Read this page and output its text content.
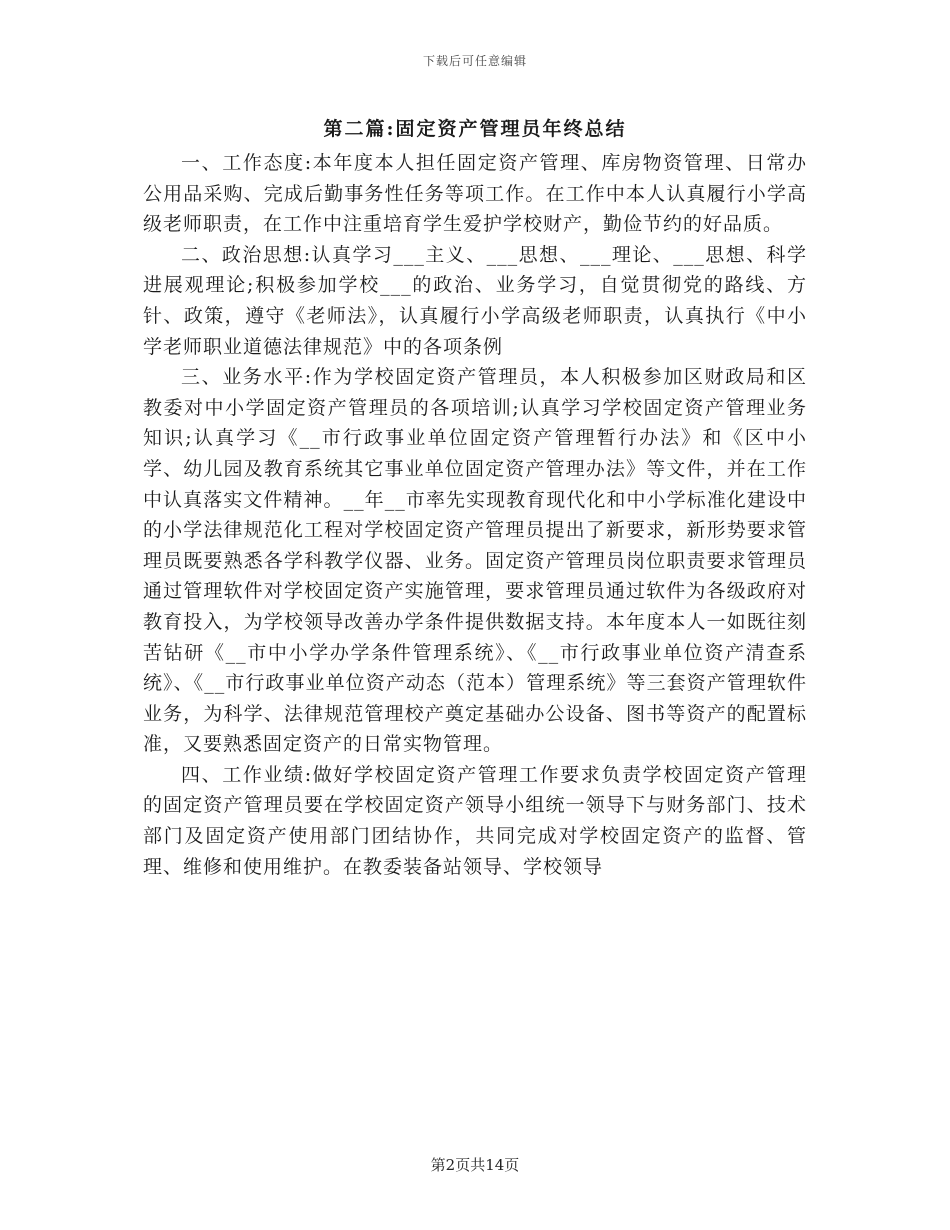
下载后可任意编辑
第二篇:固定资产管理员年终总结

一、工作态度:本年度本人担任固定资产管理、库房物资管理、日常办公用品采购、完成后勤事务性任务等项工作。在工作中本人认真履行小学高级老师职责，在工作中注重培育学生爱护学校财产，勤俭节约的好品质。

二、政治思想:认真学习___主义、___思想、___理论、___思想、科学进展观理论;积极参加学校___的政治、业务学习，自觉贯彻党的路线、方针、政策，遵守《老师法》，认真履行小学高级老师职责，认真执行《中小学老师职业道德法律规范》中的各项条例

三、业务水平:作为学校固定资产管理员，本人积极参加区财政局和区教委对中小学固定资产管理员的各项培训;认真学习学校固定资产管理业务知识;认真学习《__市行政事业单位固定资产管理暂行办法》和《区中小学、幼儿园及教育系统其它事业单位固定资产管理办法》等文件，并在工作中认真落实文件精神。__年__市率先实现教育现代化和中小学标准化建设中的小学法律规范化工程对学校固定资产管理员提出了新要求，新形势要求管理员既要熟悉各学科教学仪器、业务。固定资产管理员岗位职责要求管理员通过管理软件对学校固定资产实施管理，要求管理员通过软件为各级政府对教育投入，为学校领导改善办学条件提供数据支持。本年度本人一如既往刻苦钻研《__市中小学办学条件管理系统》、《__市行政事业单位资产清查系统》、《__市行政事业单位资产动态（范本）管理系统》等三套资产管理软件业务，为科学、法律规范管理校产奠定基础办公设备、图书等资产的配置标准，又要熟悉固定资产的日常实物管理。

四、工作业绩:做好学校固定资产管理工作要求负责学校固定资产管理的固定资产管理员要在学校固定资产领导小组统一领导下与财务部门、技术部门及固定资产使用部门团结协作，共同完成对学校固定资产的监督、管理、维修和使用维护。在教委装备站领导、学校领导

第2页共14页
